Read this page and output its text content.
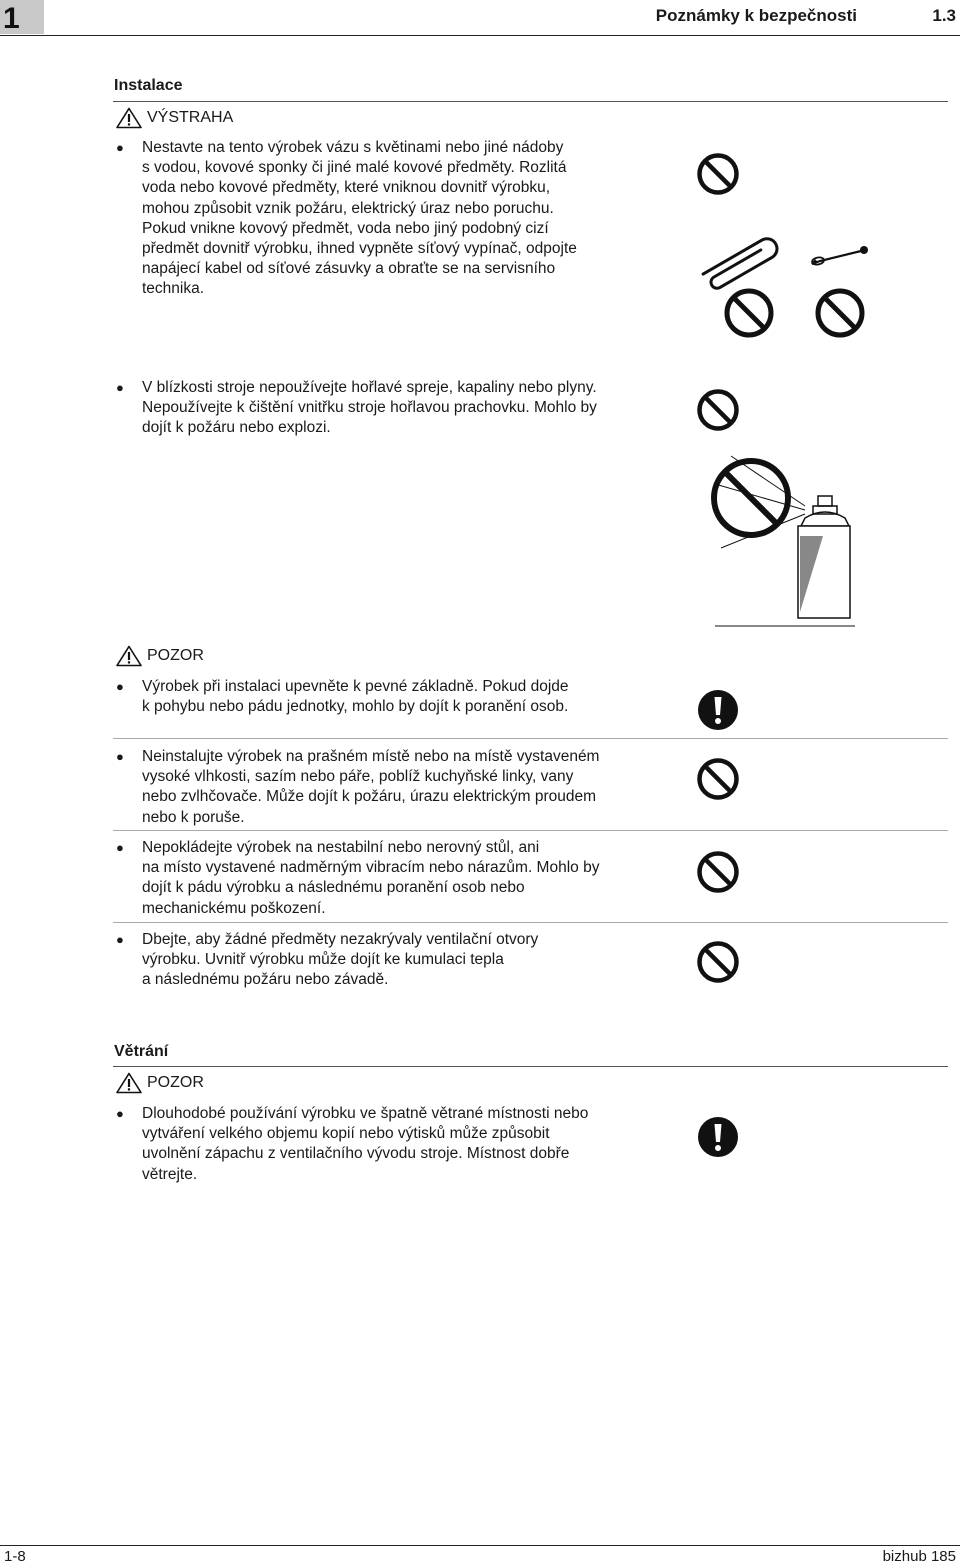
1	Poznámky k bezpečnosti	1.3
Instalace
VÝSTRAHA
● Nestavte na tento výrobek vázu s květinami nebo jiné nádoby
s vodou, kovové sponky či jiné malé kovové předměty. Rozlitá
voda nebo kovové předměty, které vniknou dovnitř výrobku,
mohou způsobit vznik požáru, elektrický úraz nebo poruchu.
Pokud vnikne kovový předmět, voda nebo jiný podobný cizí
předmět dovnitř výrobku, ihned vypněte síťový vypínač, odpojte
napájecí kabel od síťové zásuvky a obraťte se na servisního
technika.
● V blízkosti stroje nepoužívejte hořlavé spreje, kapaliny nebo plyny.
Nepoužívejte k čištění vnitřku stroje hořlavou prachovku. Mohlo by
dojít k požáru nebo explozi.
POZOR
● Výrobek při instalaci upevněte k pevné základně. Pokud dojde
k pohybu nebo pádu jednotky, mohlo by dojít k poranění osob.
● Neinstalujte výrobek na prašném místě nebo na místě vystaveném
vysoké vlhkosti, sazím nebo páře, poblíž kuchyňské linky, vany
nebo zvlhčovače. Může dojít k požáru, úrazu elektrickým proudem
nebo k poruše.
● Nepokládejte výrobek na nestabilní nebo nerovný stůl, ani
na místo vystavené nadměrným vibracím nebo nárazům. Mohlo by
dojít k pádu výrobku a následnému poranění osob nebo
mechanickému poškození.
● Dbejte, aby žádné předměty nezakrývaly ventilační otvory
výrobku. Uvnitř výrobku může dojít ke kumulaci tepla
a následnému požáru nebo závadě.
Větrání
POZOR
● Dlouhodobé používání výrobku ve špatně větrané místnosti nebo
vytváření velkého objemu kopií nebo výtisků může způsobit
uvolnění zápachu z ventilačního vývodu stroje. Místnost dobře
větrejte.
1-8	bizhub 185
